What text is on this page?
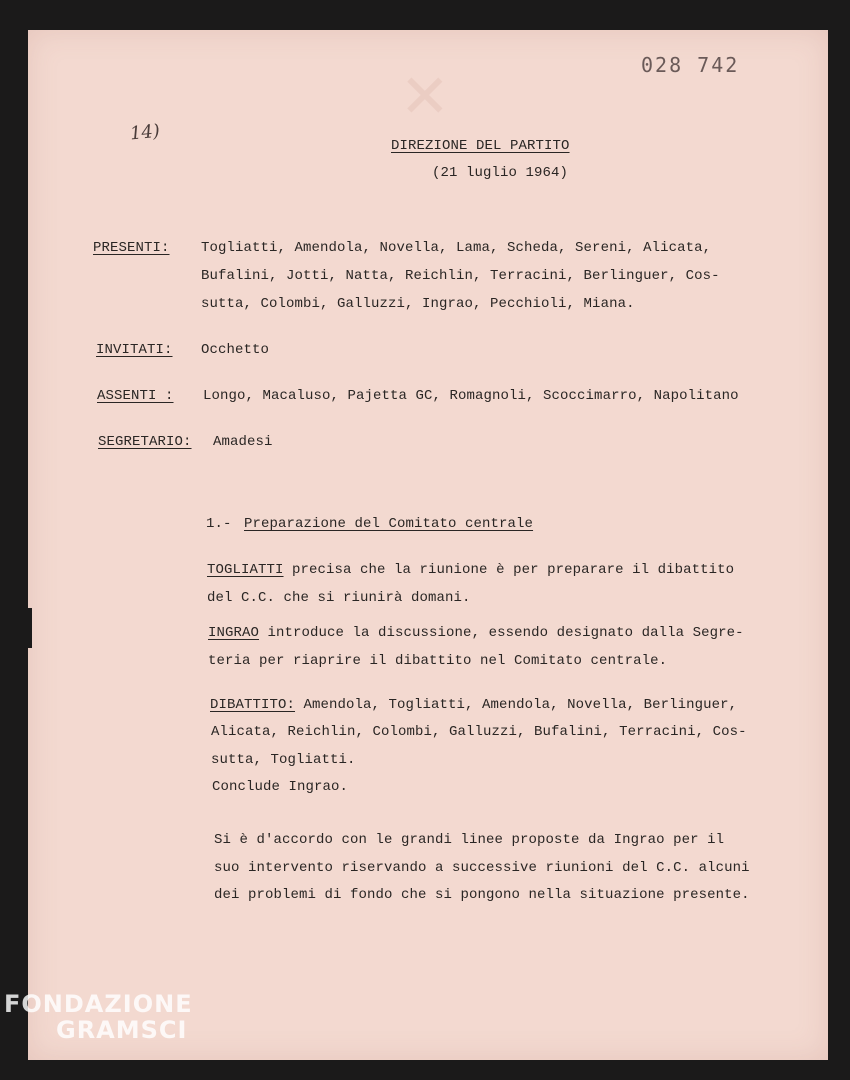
✕
028 742
14)
DIREZIONE DEL PARTITO
(21 luglio 1964)
PRESENTI: Togliatti, Amendola, Novella, Lama, Scheda, Sereni, Alicata,
Bufalini, Jotti, Natta, Reichlin, Terracini, Berlinguer, Cos-
sutta, Colombi, Galluzzi, Ingrao, Pecchioli, Miana.
INVITATI: Occhetto
ASSENTI : Longo, Macaluso, Pajetta GC, Romagnoli, Scoccimarro, Napolitano
SEGRETARIO: Amadesi
1.- Preparazione del Comitato centrale
TOGLIATTI precisa che la riunione è per preparare il dibattito
del C.C. che si riunirà domani.
INGRAO introduce la discussione, essendo designato dalla Segre-
teria per riaprire il dibattito nel Comitato centrale.
DIBATTITO: Amendola, Togliatti, Amendola, Novella, Berlinguer,
Alicata, Reichlin, Colombi, Galluzzi, Bufalini, Terracini, Cos-
sutta, Togliatti.
Conclude Ingrao.
Si è d'accordo con le grandi linee proposte da Ingrao per il
suo intervento riservando a successive riunioni del C.C. alcuni
dei problemi di fondo che si pongono nella situazione presente.
FONDAZIONE
GRAMSCI
